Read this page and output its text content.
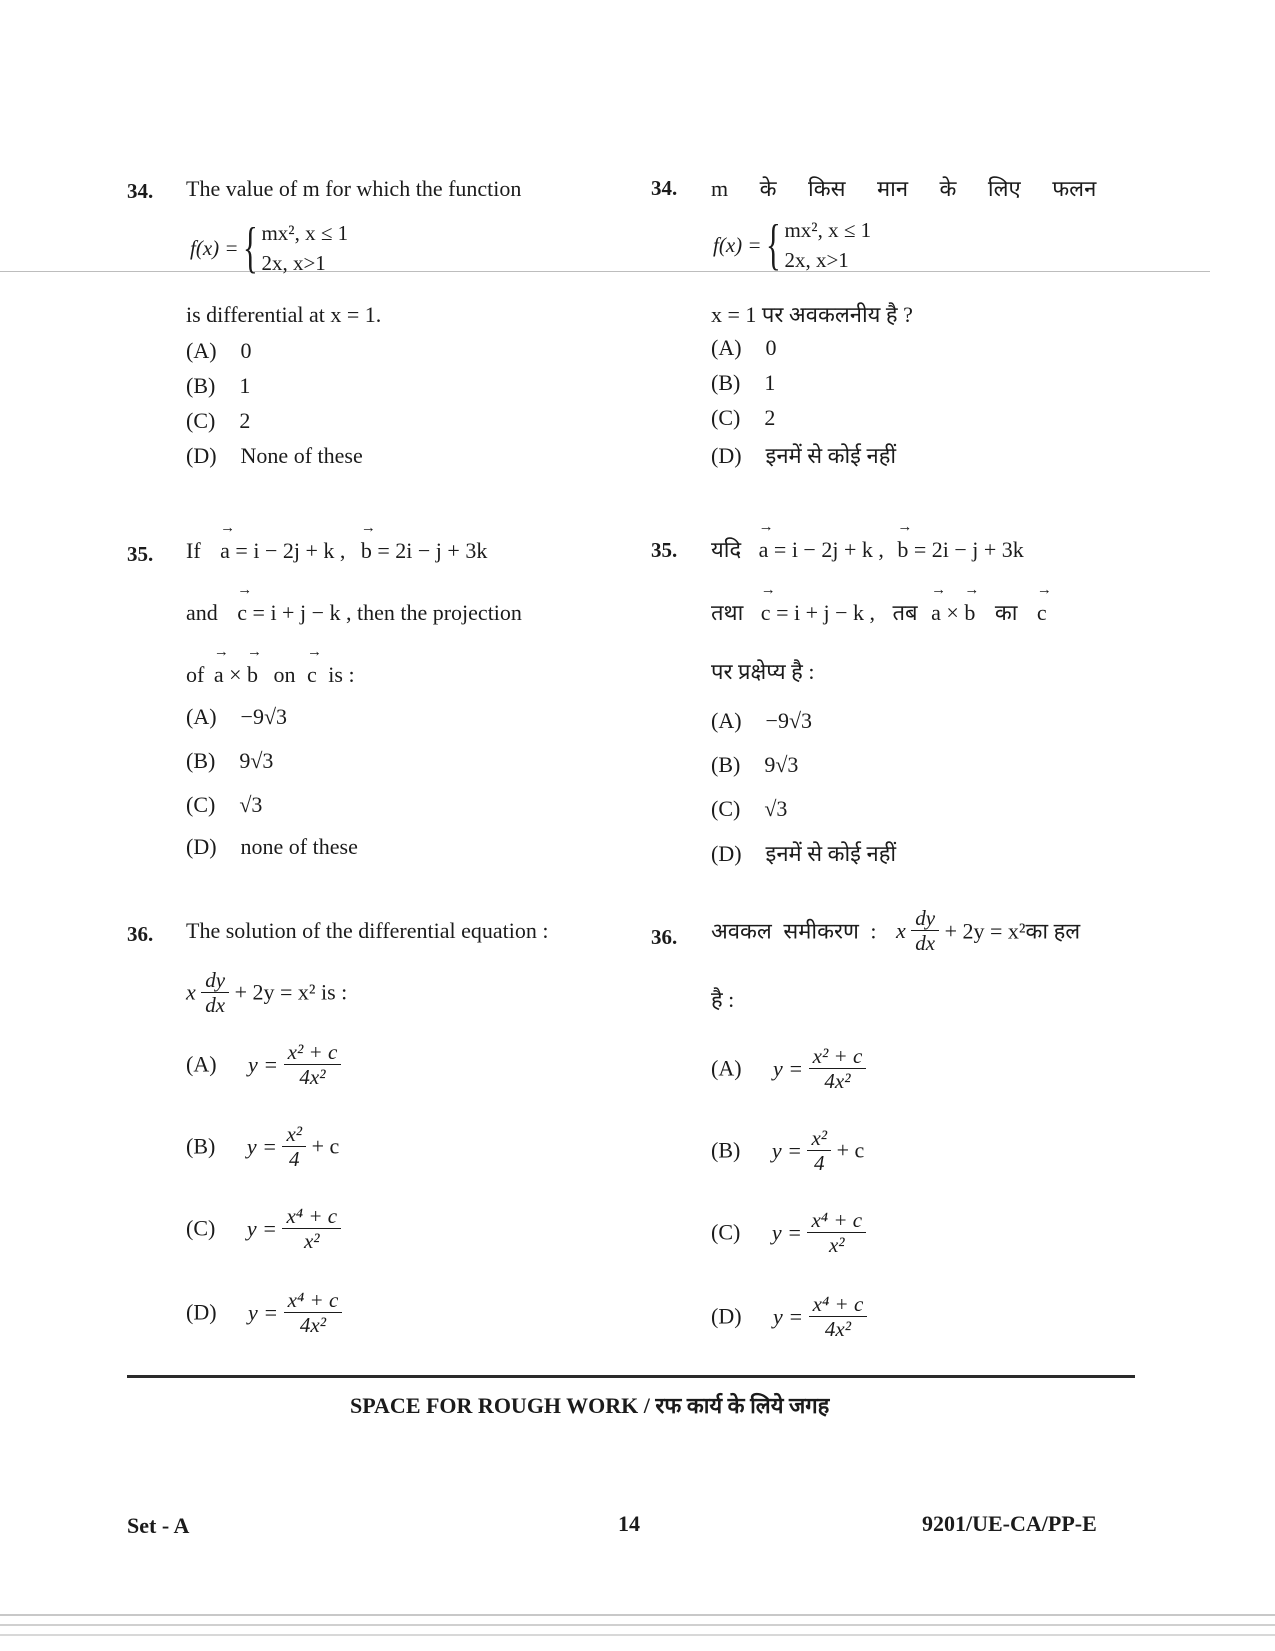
34. The value of m for which the function
f(x) = { mx², x ≤ 1
2x, x>1
is differential at x = 1.
(A) 0
(B) 1
(C) 2
(D) None of these
34. m के किस मान के लिए फलन
f(x) = { mx², x ≤ 1
2x, x>1
x = 1 पर अवकलनीय है ?
(A) 0
(B) 1
(C) 2
(D) इनमें से कोई नहीं
35. If → a = i − 2j + k , → b = 2i − j + 3k
and → c = i + j − k , then the projection
of → a × → b on → c is :
(A) −9√3
(B) 9√3
(C) √3
(D) none of these
35. यदि → a = i − 2j + k , → b = 2i − j + 3k
तथा → c = i + j − k , तब → a × → b का → c
पर प्रक्षेप्य है :
(A) −9√3
(B) 9√3
(C) √3
(D) इनमें से कोई नहीं
36. The solution of the differential equation :
x $\frac{dy}{dx} + 2y = x^2$ is :
(A) $y = \frac{\text{x² + c}}{\text{4x²}}$
(B) $y = \frac{\text{x²}}{4} + c$
(C) $y = \frac{\text{x⁴ + c}}{\text{x²}}$
(D) $y = \frac{\text{x⁴ + c}}{\text{4x²}}$
36. अवकल समीकरण : x $\frac{dy}{dx} + 2y$ = x²का हल
है :
(A) $y = \frac{\text{x² + c}}{\text{4x²}}$
(B) $y = \frac{\text{x²}}{4} + c$
(C) $y = \frac{\text{x⁴ + c}}{\text{x²}}$
(D) $y = \frac{\text{x⁴ + c}}{\text{4x²}}$
SPACE FOR ROUGH WORK / रफ कार्य के लिये जगह
Set - A	14	9201/UE-CA/PP-E
